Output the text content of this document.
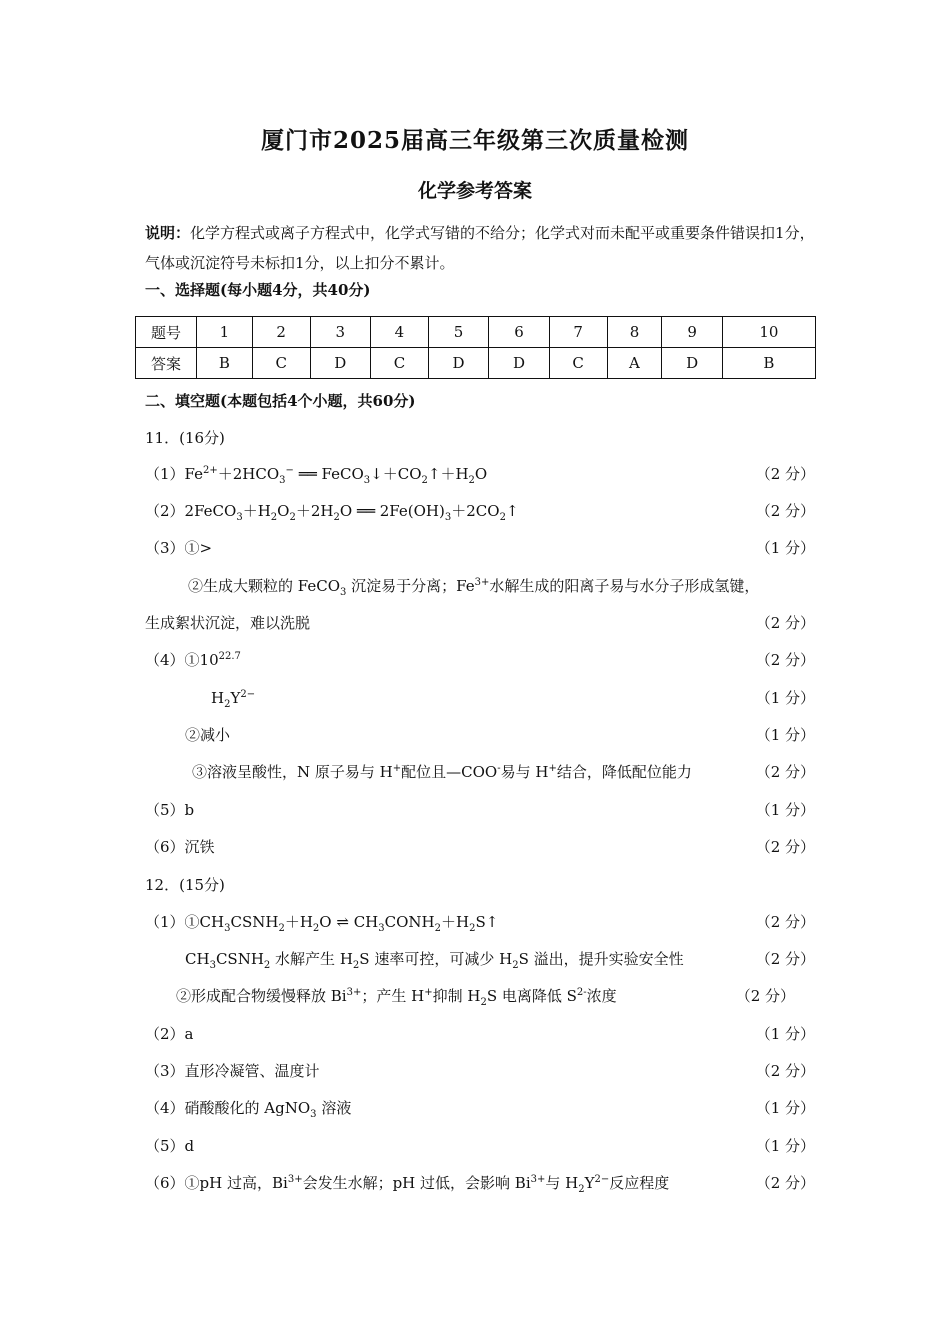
厦门市2025届高三年级第三次质量检测
化学参考答案
说明：化学方程式或离子方程式中，化学式写错的不给分；化学式对而未配平或重要条件错误扣1分，气体或沉淀符号未标扣1分，以上扣分不累计。
一、选择题(每小题4分，共40分)
题号	1	2	3	4	5	6	7	8	9	10
答案	B	C	D	C	D	D	C	A	D	B
二、填空题(本题包括4个小题，共60分)
11．(16分)
$(1)Fe^{2+}+2HCO_3^-$ ══ $FeCO_3↓+CO_2↑+H_2O$	（2 分）
$(2)2FeCO_3+H_2O_2+2H_2O$ ══ $2Fe(OH)_3+2CO_2↑$	（2 分）
（3）①>	（1 分）
②生成大颗粒的 FeCO$_3$ 沉淀易于分离；$Fe^{3+}$水解生成的阳离子易与水分子形成氢键，
生成絮状沉淀，难以洗脱	（2 分）
$(4)①10^{22.7}$	（2 分）
$H_2Y^{2-}$	（1 分）
②减小	（1 分）
③溶液呈酸性，N 原子易与 H+配位且—COO-易与 H+结合，降低配位能力	（2 分）
（5）b	（1 分）
（6）沉铁	（2 分）
12．(15分)
$(1)①CH_3CSNH_2+H_2O$ ⇌ $CH_3CONH_2+H_2S↑$	（2 分）
$CH_3CSNH_2$ 水解产生 $H_2S$ 速率可控，可减少 $H_2S$ 溢出，提升实验安全性	（2 分）
②形成配合物缓慢释放 $Bi^{3+}$；产生 H+抑制 $H_2S$ 电离降低 $S^{2-}$浓度	（2 分）
（2）a	（1 分）
（3）直形冷凝管、温度计	（2 分）
（4）硝酸酸化的 AgNO$_3$ 溶液	（1 分）
（5）d	（1 分）
（6）①pH 过高，$Bi^{3+}$会发生水解；pH 过低，会影响 $Bi^{3+}$与 $H_2Y^{2-}$反应程度	（2 分）
